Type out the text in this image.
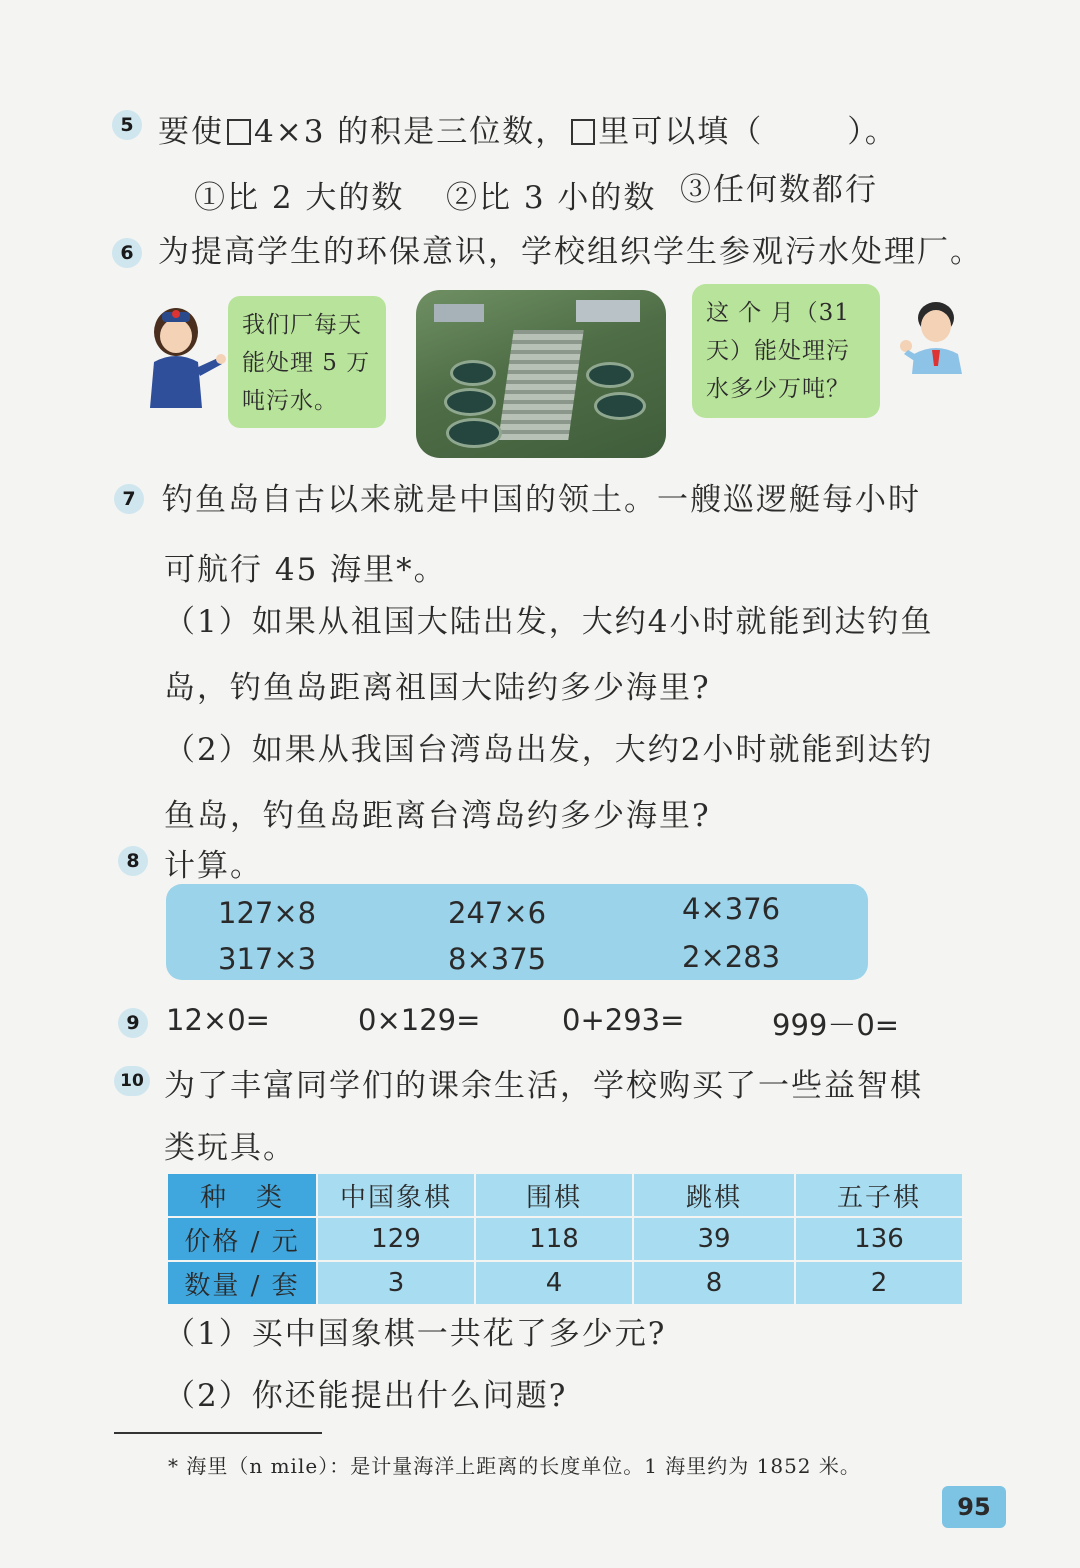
5 要使 4×3 的积是三位数， 里可以填（	）。
①比 2 大的数 ②比 3 小的数 ③任何数都行
6 为提高学生的环保意识，学校组织学生参观污水处理厂。
我们厂每天
能处理 5 万
吨污水。
这 个 月（31
天）能处理污
水多少万吨？
7 钓鱼岛自古以来就是中国的领土。一艘巡逻艇每小时
可航行 45 海里*。
（1）如果从祖国大陆出发，大约4小时就能到达钓鱼
岛，钓鱼岛距离祖国大陆约多少海里?
（2）如果从我国台湾岛出发，大约2小时就能到达钓
鱼岛，钓鱼岛距离台湾岛约多少海里?
8 计算。
127×8	247×6	4×376
317×3	8×375	2×283
9 12×0=	0×129=	0+293=	999－0=
10 为了丰富同学们的课余生活，学校购买了一些益智棋
类玩具。
种　类	中国象棋	围棋	跳棋	五子棋
价格 / 元	129	118	39	136
数量 / 套	3	4	8	2
（1）买中国象棋一共花了多少元?
（2）你还能提出什么问题?
* 海里（n mile）：是计量海洋上距离的长度单位。1 海里约为 1852 米。
95
